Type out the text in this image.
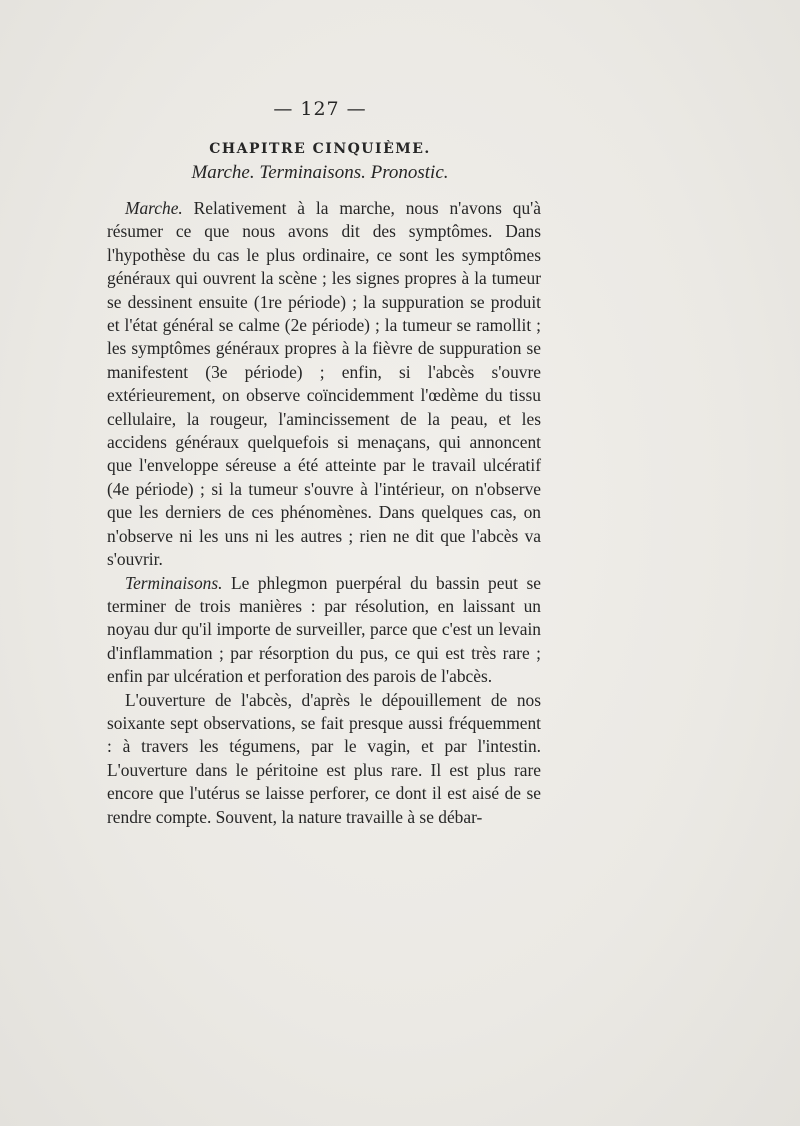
— 127 —
CHAPITRE CINQUIÈME.
Marche. Terminaisons. Pronostic.

Marche. Relativement à la marche, nous n'avons qu'à résumer ce que nous avons dit des symptômes. Dans l'hypothèse du cas le plus ordinaire, ce sont les symptômes généraux qui ouvrent la scène ; les signes propres à la tumeur se dessinent ensuite (1re période) ; la suppuration se produit et l'état général se calme (2e période) ; la tumeur se ramollit ; les symptômes généraux propres à la fièvre de suppuration se manifestent (3e période) ; enfin, si l'abcès s'ouvre extérieurement, on observe coïncidemment l'œdème du tissu cellulaire, la rougeur, l'amincissement de la peau, et les accidens généraux quelquefois si menaçans, qui annoncent que l'enveloppe séreuse a été atteinte par le travail ulcératif (4e période) ; si la tumeur s'ouvre à l'intérieur, on n'observe que les derniers de ces phénomènes. Dans quelques cas, on n'observe ni les uns ni les autres ; rien ne dit que l'abcès va s'ouvrir.

Terminaisons. Le phlegmon puerpéral du bassin peut se terminer de trois manières : par résolution, en laissant un noyau dur qu'il importe de surveiller, parce que c'est un levain d'inflammation ; par résorption du pus, ce qui est très rare ; enfin par ulcération et perforation des parois de l'abcès.

L'ouverture de l'abcès, d'après le dépouillement de nos soixante sept observations, se fait presque aussi fréquemment : à travers les tégumens, par le vagin, et par l'intestin. L'ouverture dans le péritoine est plus rare. Il est plus rare encore que l'utérus se laisse perforer, ce dont il est aisé de se rendre compte. Souvent, la nature travaille à se débar-
